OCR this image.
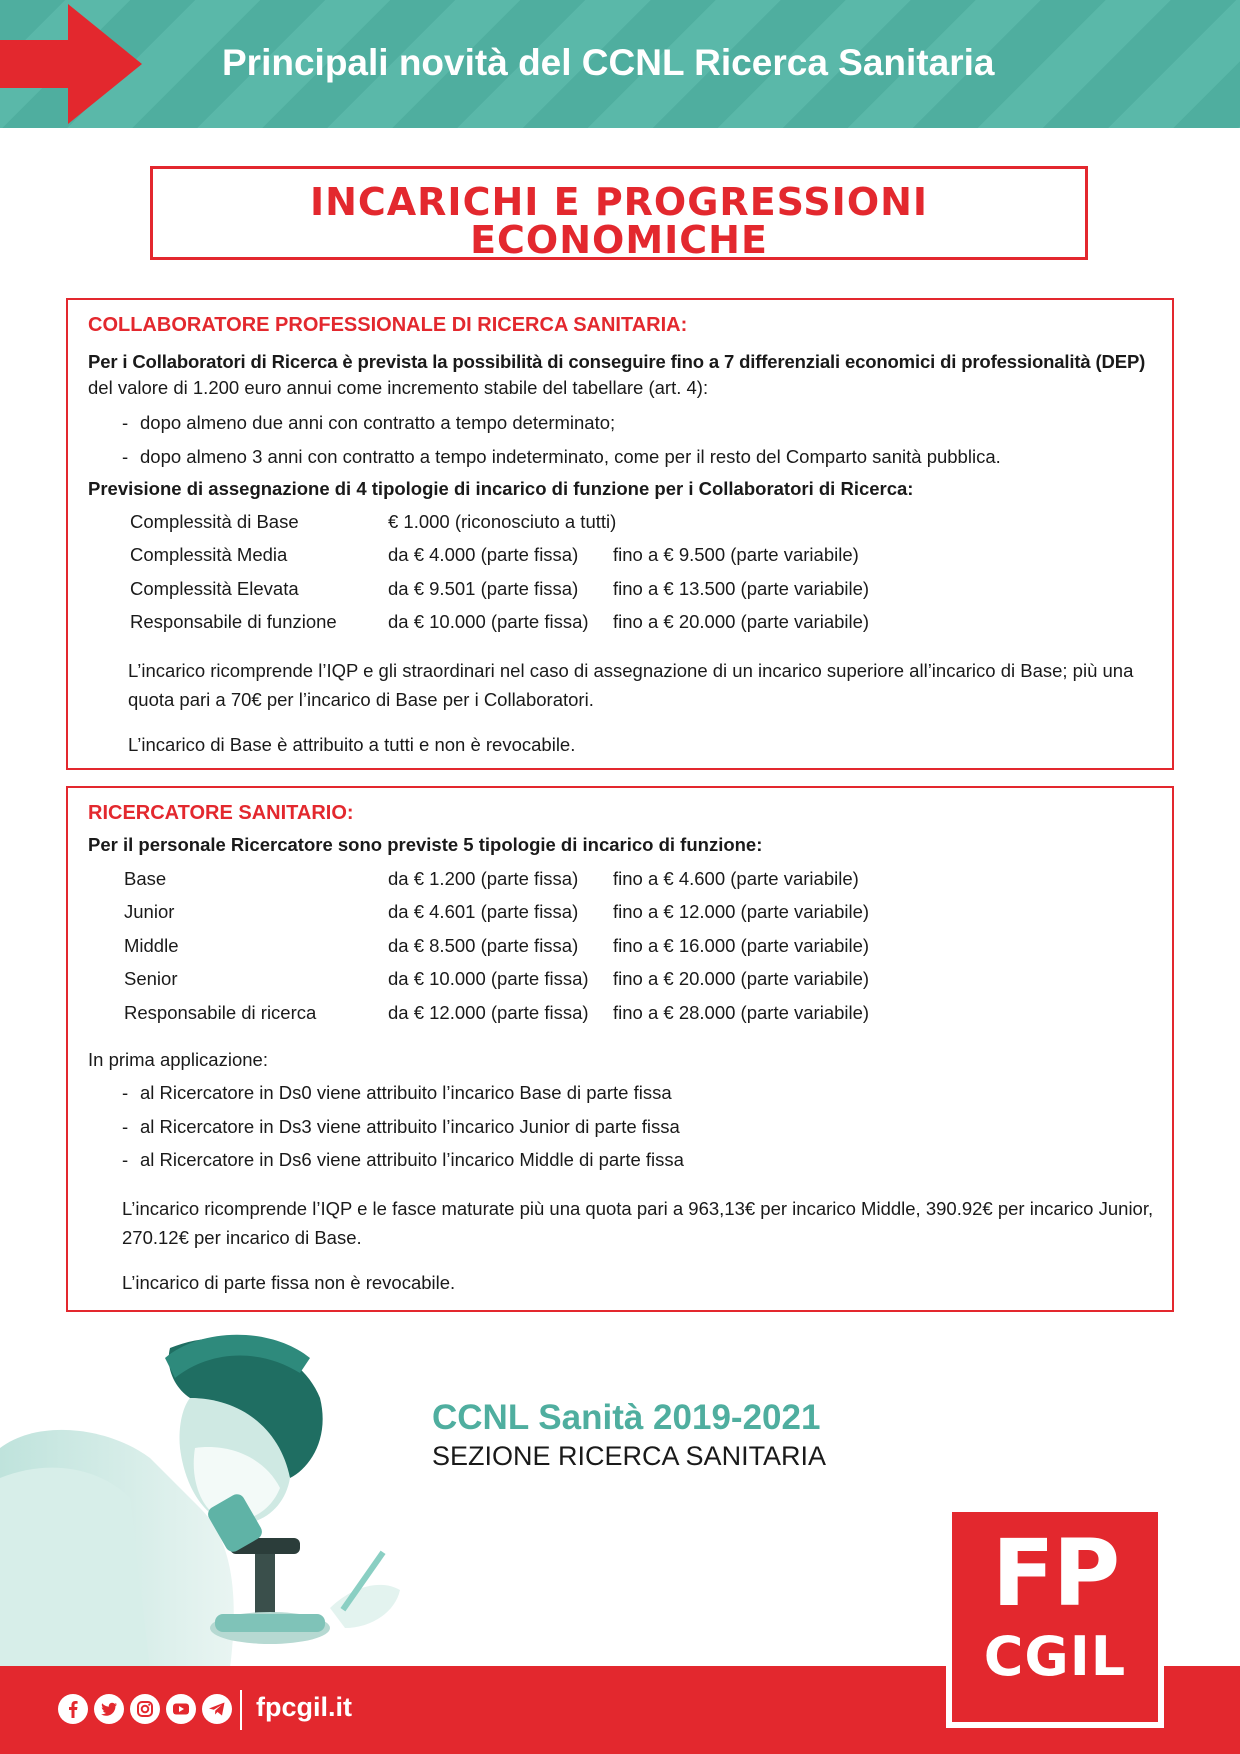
Principali novità del CCNL Ricerca Sanitaria
INCARICHI E PROGRESSIONI
ECONOMICHE
COLLABORATORE PROFESSIONALE DI RICERCA SANITARIA:
Per i Collaboratori di Ricerca è prevista la possibilità di conseguire fino a 7 differenziali economici di professionalità (DEP)
del valore di 1.200 euro annui come incremento stabile del tabellare (art. 4):
- dopo almeno due anni con contratto a tempo determinato;
- dopo almeno 3 anni con contratto a tempo indeterminato, come per il resto del Comparto sanità pubblica.
Previsione di assegnazione di 4 tipologie di incarico di funzione per i Collaboratori di Ricerca:
Complessità di Base	€ 1.000 (riconosciuto a tutti)
Complessità Media	da € 4.000 (parte fissa) fino a € 9.500 (parte variabile)
Complessità Elevata	da € 9.501 (parte fissa) fino a € 13.500 (parte variabile)
Responsabile di funzione	da € 10.000 (parte fissa) fino a € 20.000 (parte variabile)
L’incarico ricomprende l’IQP e gli straordinari nel caso di assegnazione di un incarico superiore all’incarico di Base; più una quota pari a 70€ per l’incarico di Base per i Collaboratori.
L’incarico di Base è attribuito a tutti e non è revocabile.
RICERCATORE SANITARIO:
Per il personale Ricercatore sono previste 5 tipologie di incarico di funzione:
Base	da € 1.200 (parte fissa) fino a € 4.600 (parte variabile)
Junior	da € 4.601 (parte fissa) fino a € 12.000 (parte variabile)
Middle	da € 8.500 (parte fissa) fino a € 16.000 (parte variabile)
Senior	da € 10.000 (parte fissa) fino a € 20.000 (parte variabile)
Responsabile di ricerca	da € 12.000 (parte fissa) fino a € 28.000 (parte variabile)
In prima applicazione:
- al Ricercatore in Ds0 viene attribuito l’incarico Base di parte fissa
- al Ricercatore in Ds3 viene attribuito l’incarico Junior di parte fissa
- al Ricercatore in Ds6 viene attribuito l’incarico Middle di parte fissa
L’incarico ricomprende l’IQP e le fasce maturate più una quota pari a 963,13€ per incarico Middle, 390.92€ per incarico Junior, 270.12€ per incarico di Base.
L’incarico di parte fissa non è revocabile.
CCNL Sanità 2019-2021
SEZIONE RICERCA SANITARIA
fpcgil.it
FP
CGIL
